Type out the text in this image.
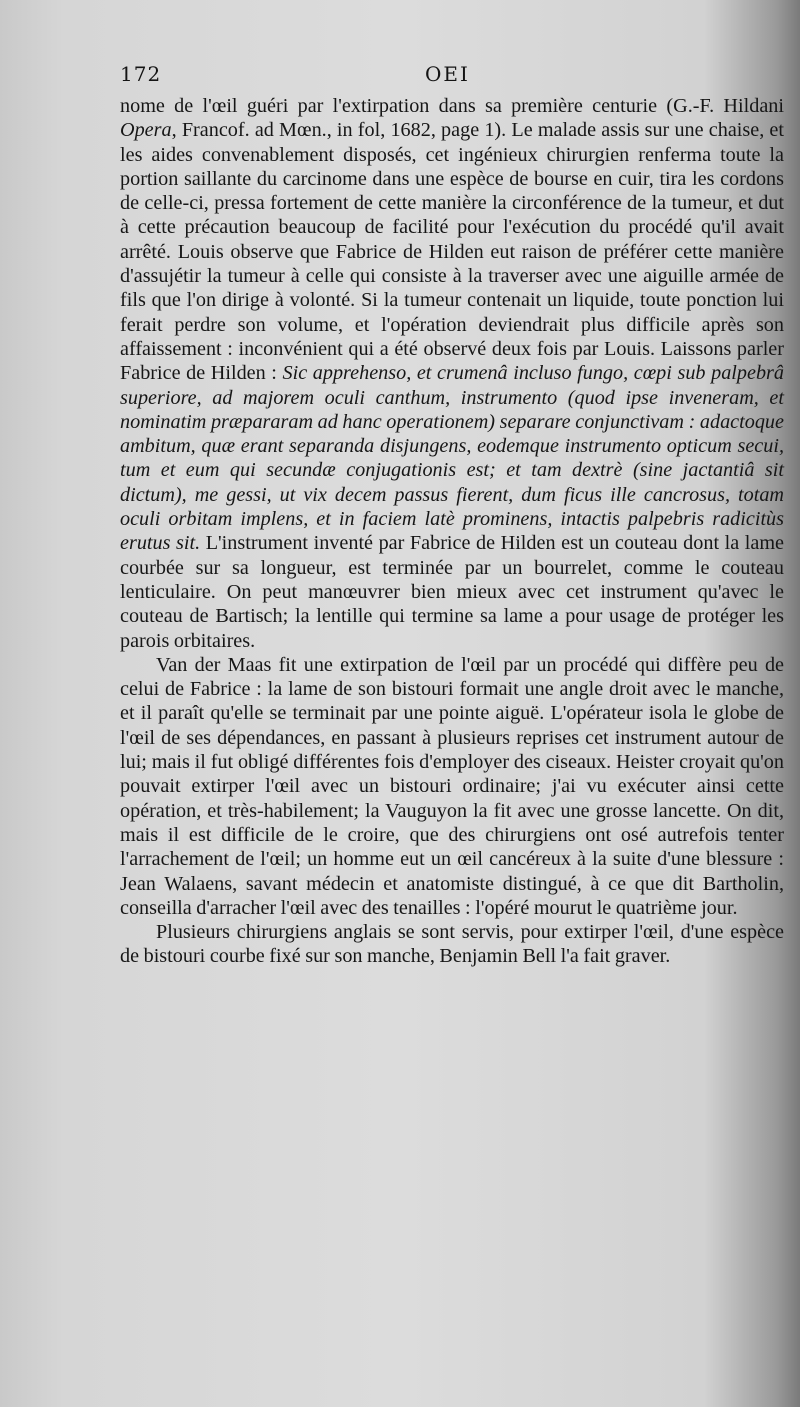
172	OEI

nome de l'œil guéri par l'extirpation dans sa première centurie (G.-F. Hildani Opera, Francof. ad Mœn., in fol, 1682, page 1). Le malade assis sur une chaise, et les aides convenablement disposés, cet ingénieux chirurgien renferma toute la portion saillante du carcinome dans une espèce de bourse en cuir, tira les cordons de celle-ci, pressa fortement de cette manière la circonférence de la tumeur, et dut à cette précaution beaucoup de facilité pour l'exécution du procédé qu'il avait arrêté. Louis observe que Fabrice de Hilden eut raison de préférer cette manière d'assujétir la tumeur à celle qui consiste à la traverser avec une aiguille armée de fils que l'on dirige à volonté. Si la tumeur contenait un liquide, toute ponction lui ferait perdre son volume, et l'opération deviendrait plus difficile après son affaissement : inconvénient qui a été observé deux fois par Louis. Laissons parler Fabrice de Hilden : Sic apprehenso, et crumenâ incluso fungo, cœpi sub palpebrâ superiore, ad majorem oculi canthum, instrumento (quod ipse inveneram, et nominatim præpararam ad hanc operationem) separare conjunctivam : adactoque ambitum, quæ erant separanda disjungens, eodemque instrumento opticum secui, tum et eum qui secundæ conjugationis est; et tam dextrè (sine jactantiâ sit dictum), me gessi, ut vix decem passus fierent, dum ficus ille cancrosus, totam oculi orbitam implens, et in faciem latè prominens, intactis palpebris radicitùs erutus sit. L'instrument inventé par Fabrice de Hilden est un couteau dont la lame courbée sur sa longueur, est terminée par un bourrelet, comme le couteau lenticulaire. On peut manœuvrer bien mieux avec cet instrument qu'avec le couteau de Bartisch; la lentille qui termine sa lame a pour usage de protéger les parois orbitaires.

Van der Maas fit une extirpation de l'œil par un procédé qui diffère peu de celui de Fabrice : la lame de son bistouri formait une angle droit avec le manche, et il paraît qu'elle se terminait par une pointe aiguë. L'opérateur isola le globe de l'œil de ses dépendances, en passant à plusieurs reprises cet instrument autour de lui; mais il fut obligé différentes fois d'employer des ciseaux. Heister croyait qu'on pouvait extirper l'œil avec un bistouri ordinaire; j'ai vu exécuter ainsi cette opération, et très-habilement; la Vauguyon la fit avec une grosse lancette. On dit, mais il est difficile de le croire, que des chirurgiens ont osé autrefois tenter l'arrachement de l'œil; un homme eut un œil cancéreux à la suite d'une blessure : Jean Walaens, savant médecin et anatomiste distingué, à ce que dit Bartholin, conseilla d'arracher l'œil avec des tenailles : l'opéré mourut le quatrième jour.

Plusieurs chirurgiens anglais se sont servis, pour extirper l'œil, d'une espèce de bistouri courbe fixé sur son manche, Benjamin Bell l'a fait graver.
